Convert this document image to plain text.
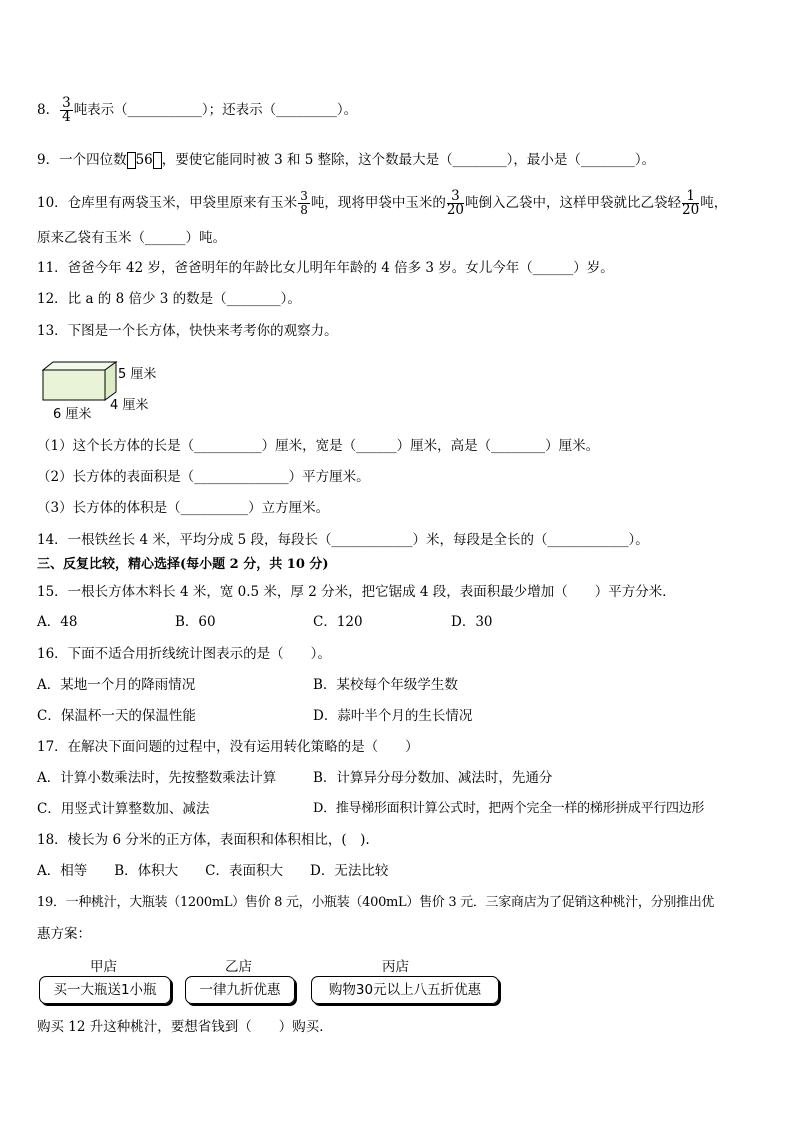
8． $\frac{3}{4}$ 吨表示（___________）；还表示（_________）。
9．一个四位数 56 ，要使它能同时被 3 和 5 整除，这个数最大是（________），最小是（________）。
10．仓库里有两袋玉米，甲袋里原来有玉米 $\frac{3}{8}$ 吨，现将甲袋中玉米的 $\frac{3}{20}$ 吨倒入乙袋中，这样甲袋就比乙袋轻 $\frac{1}{20}$ 吨，
原来乙袋有玉米（______）吨。
11．爸爸今年 42 岁，爸爸明年的年龄比女儿明年年龄的 4 倍多 3 岁。女儿今年（______）岁。
12．比 a 的 8 倍少 3 的数是（________）。
13．下图是一个长方体，快快来考考你的观察力。
5 厘米
4 厘米
6 厘米
（1）这个长方体的长是（__________）厘米，宽是（______）厘米，高是（________）厘米。
（2）长方体的表面积是（______________）平方厘米。
（3）长方体的体积是（__________）立方厘米。
14．一根铁丝长 4 米，平均分成 5 段，每段长（____________）米，每段是全长的（____________）。
三、反复比较，精心选择(每小题 2 分，共 10 分)
15．一根长方体木料长 4 米，宽 0.5 米，厚 2 分米，把它锯成 4 段，表面积最少增加（　　）平方分米．
A．48	B．60	C．120	D．30
16．下面不适合用折线统计图表示的是（　　）。
A．某地一个月的降雨情况	B．某校每个年级学生数
C．保温杯一天的保温性能	D．蒜叶半个月的生长情况
17．在解决下面问题的过程中，没有运用转化策略的是（　　）
A．计算小数乘法时，先按整数乘法计算	B．计算异分母分数加、减法时，先通分
C．用竖式计算整数加、减法	D．推导梯形面积计算公式时，把两个完全一样的梯形拼成平行四边形
18．棱长为 6 分米的正方体，表面积和体积相比，(　).
A．相等　　B．体积大　　C．表面积大　　D．无法比较
19．一种桃汁，大瓶装（1200mL）售价 8 元，小瓶装（400mL）售价 3 元．三家商店为了促销这种桃汁，分别推出优
惠方案：
甲店	乙店	丙店
买一大瓶送1小瓶	一律九折优惠	购物30元以上八五折优惠
购买 12 升这种桃汁，要想省钱到（　　）购买．
